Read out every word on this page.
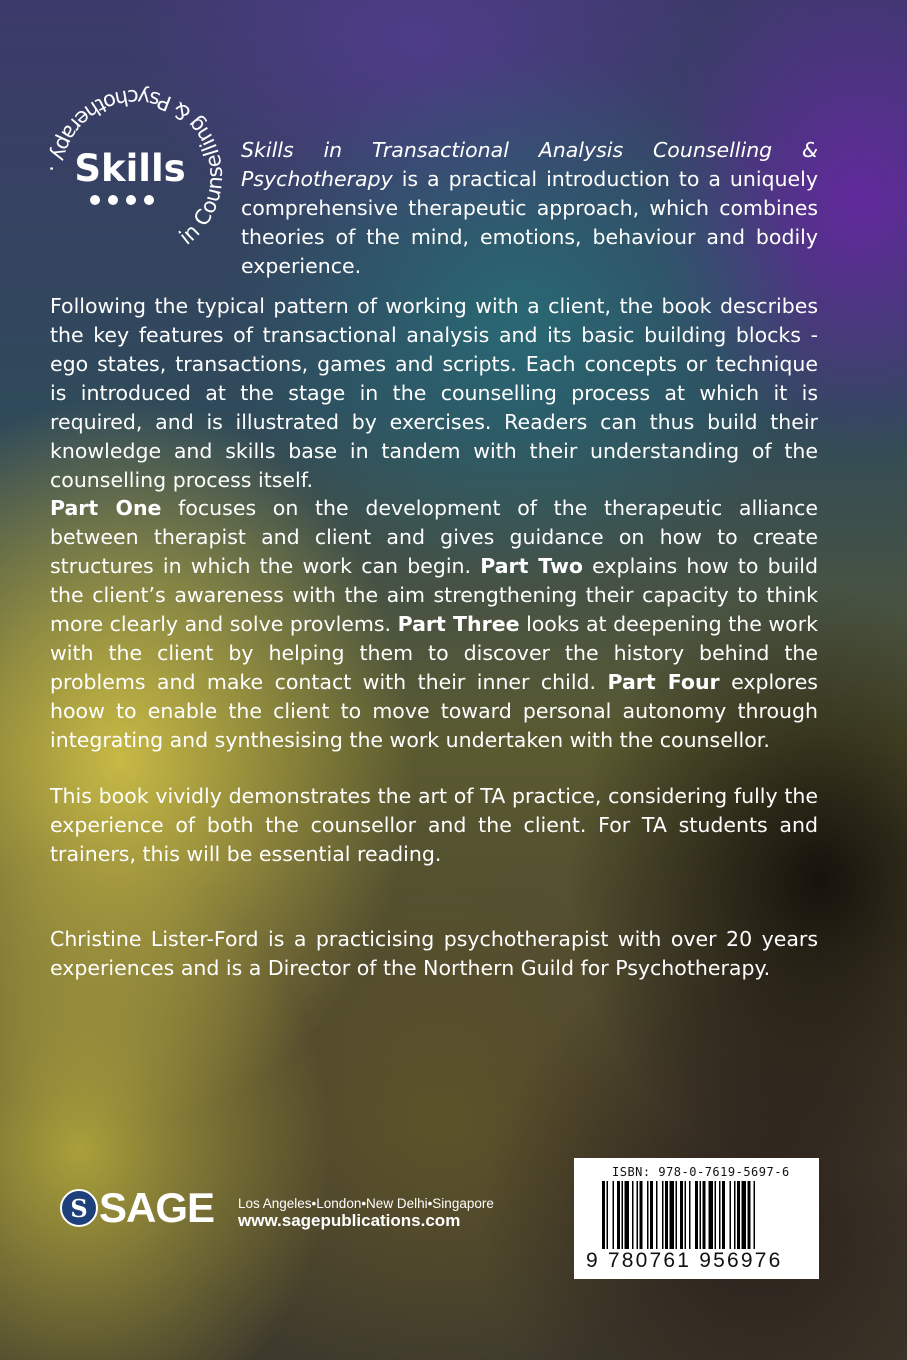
in Counselling & Psychotherapy . Skills	Skills in Transactional Analysis Counselling & Psychotherapy is a practical introduction to a uniquely comprehensive therapeutic approach, which combines theories of the mind, emotions, behaviour and bodily experience.
Following the typical pattern of working with a client, the book describes the key features of transactional analysis and its basic building blocks - ego states, transactions, games and scripts. Each concepts or technique is introduced at the stage in the counselling process at which it is required, and is illustrated by exercises. Readers can thus build their knowledge and skills base in tandem with their understanding of the counselling process itself.
Part One focuses on the development of the therapeutic alliance between therapist and client and gives guidance on how to create structures in which the work can begin. Part Two explains how to build the client’s awareness with the aim strengthening their capacity to think more clearly and solve provlems. Part Three looks at deepening the work with the client by helping them to discover the history behind the problems and make contact with their inner child. Part Four explores hoow to enable the client to move toward personal autonomy through integrating and synthesising the work undertaken with the counsellor.
This book vividly demonstrates the art of TA practice, considering fully the experience of both the counsellor and the client. For TA students and trainers, this will be essential reading.
Christine Lister-Ford is a practicising psychotherapist with over 20 years experiences and is a Director of the Northern Guild for Psychotherapy.
S SAGE Los Angeles•London•New Delhi•Singapore
www.sagepublications.com
ISBN: 978-0-7619-5697-6
9 780761 956976
